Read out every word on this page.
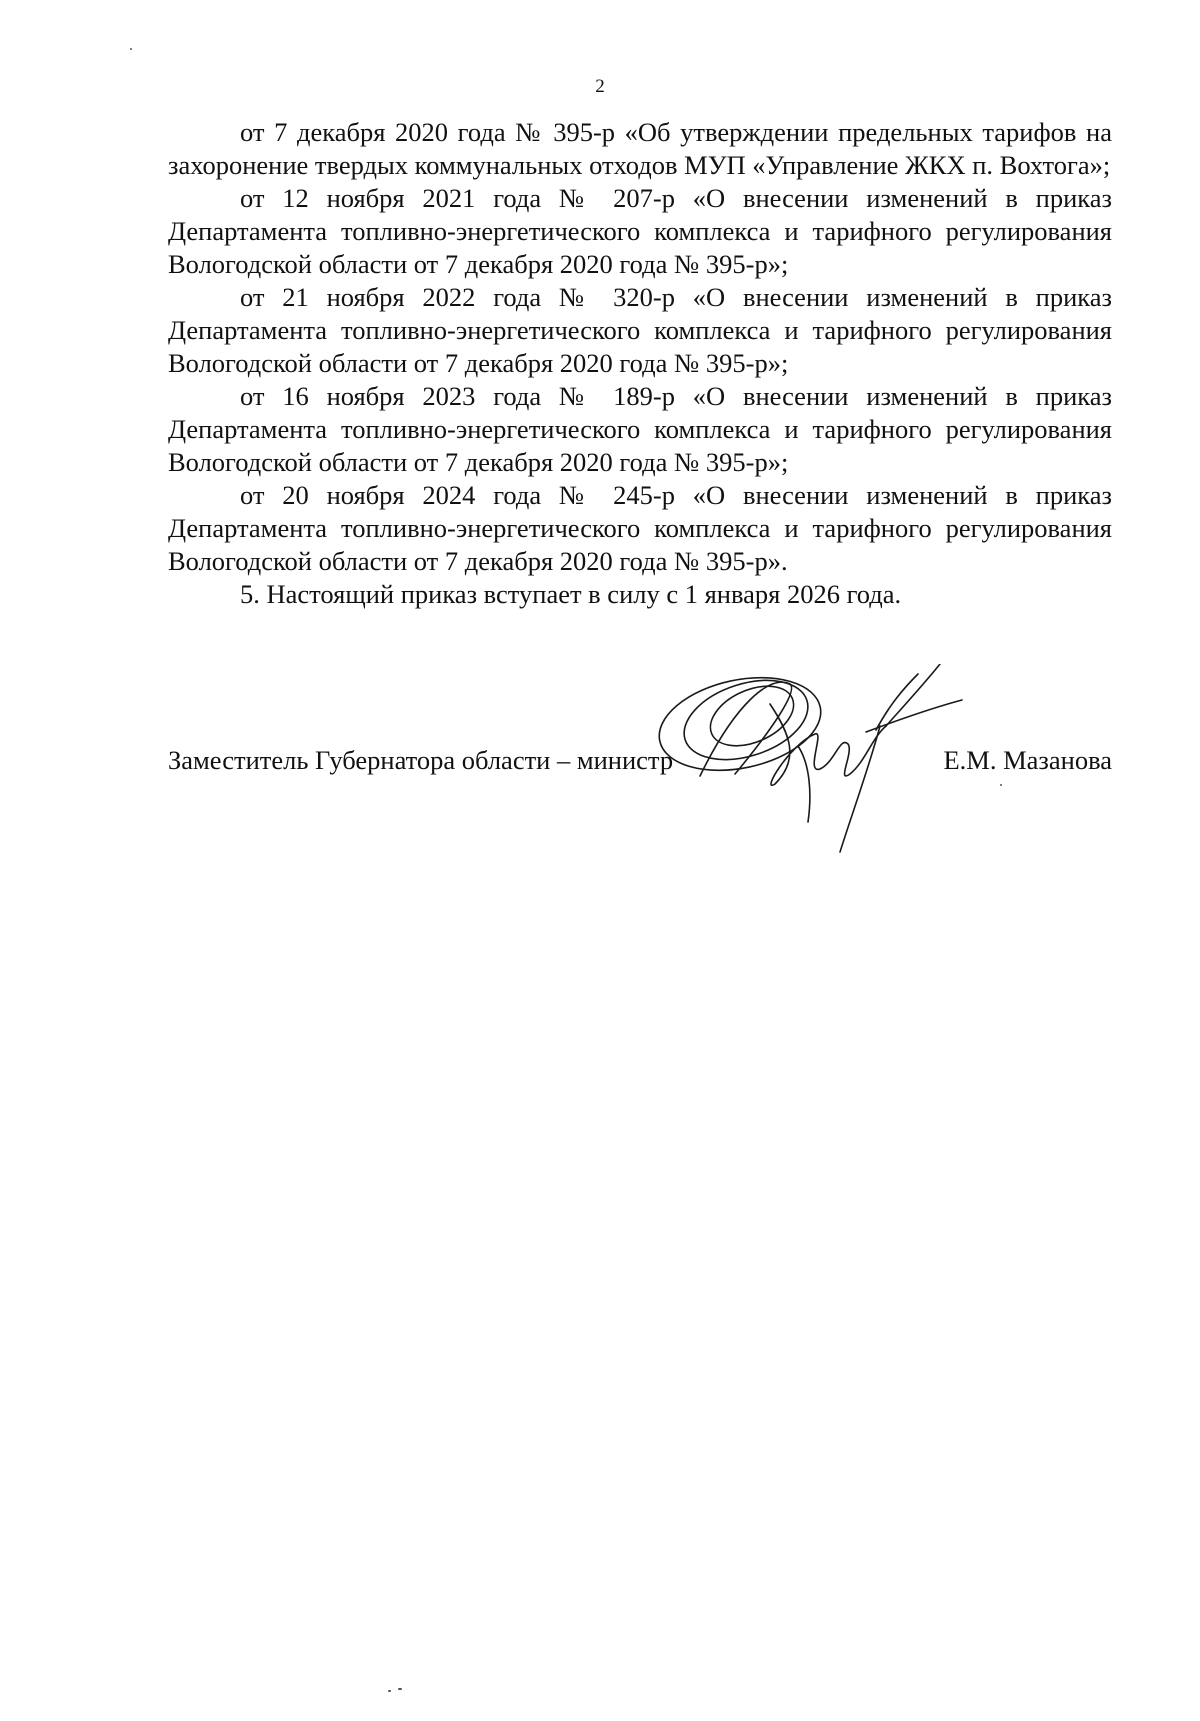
2

от 7 декабря 2020 года № 395-р «Об утверждении предельных тарифов на захоронение твердых коммунальных отходов МУП «Управление ЖКХ п. Вохтога»;

от 12 ноября 2021 года № 207-р «О внесении изменений в приказ Департамента топливно-энергетического комплекса и тарифного регулирования Вологодской области от 7 декабря 2020 года № 395-р»;

от 21 ноября 2022 года № 320-р «О внесении изменений в приказ Департамента топливно-энергетического комплекса и тарифного регулирования Вологодской области от 7 декабря 2020 года № 395-р»;

от 16 ноября 2023 года № 189-р «О внесении изменений в приказ Департамента топливно-энергетического комплекса и тарифного регулирования Вологодской области от 7 декабря 2020 года № 395-р»;

от 20 ноября 2024 года № 245-р «О внесении изменений в приказ Департамента топливно-энергетического комплекса и тарифного регулирования Вологодской области от 7 декабря 2020 года № 395-р».

5. Настоящий приказ вступает в силу с 1 января 2026 года.

Заместитель Губернатора области – министр	Е.М. Мазанова
